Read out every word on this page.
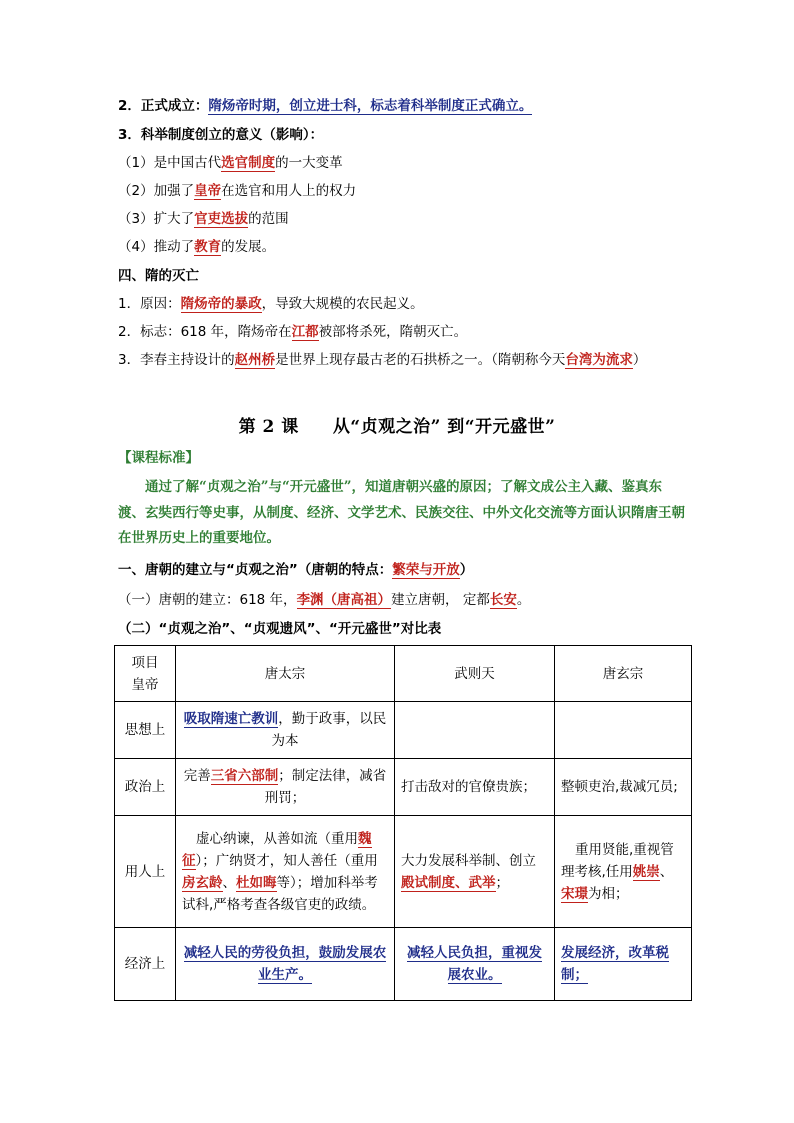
2．正式成立：隋炀帝时期，创立进士科，标志着科举制度正式确立。
3．科举制度创立的意义（影响）：
（1）是中国古代选官制度的一大变革
（2）加强了皇帝在选官和用人上的权力
（3）扩大了官吏选拔的范围
（4）推动了教育的发展。
四、隋的灭亡
1．原因：隋炀帝的暴政，导致大规模的农民起义。
2．标志：618 年，隋炀帝在江都被部将杀死，隋朝灭亡。
3．李春主持设计的赵州桥是世界上现存最古老的石拱桥之一。（隋朝称今天台湾为流求）
第 2 课 从“贞观之治” 到“开元盛世”
【课程标准】
通过了解“贞观之治”与“开元盛世”，知道唐朝兴盛的原因；了解文成公主入藏、鉴真东渡、玄奘西行等史事，从制度、经济、文学艺术、民族交往、中外文化交流等方面认识隋唐王朝在世界历史上的重要地位。
一、唐朝的建立与“贞观之治”（唐朝的特点：繁荣与开放）
（一）唐朝的建立：618 年，李渊（唐高祖）建立唐朝， 定都长安。
（二）“贞观之治”、“贞观遗风”、“开元盛世”对比表
项目
皇帝	唐太宗	武则天	唐玄宗
思想上	吸取隋速亡教训，勤于政事，以民为本		
政治上	完善三省六部制；制定法律，减省刑罚；	打击敌对的官僚贵族；	整顿吏治,裁减冗员;
用人上	虚心纳谏，从善如流（重用魏征）；广纳贤才，知人善任（重用房玄龄、杜如晦等）；增加科举考试科,严格考查各级官吏的政绩。	大力发展科举制、创立殿试制度、武举；	重用贤能,重视管理考核,任用姚崇、宋璟为相；
经济上	减轻人民的劳役负担，鼓励发展农业生产。	减轻人民负担，重视发展农业。	发展经济，改革税制；
